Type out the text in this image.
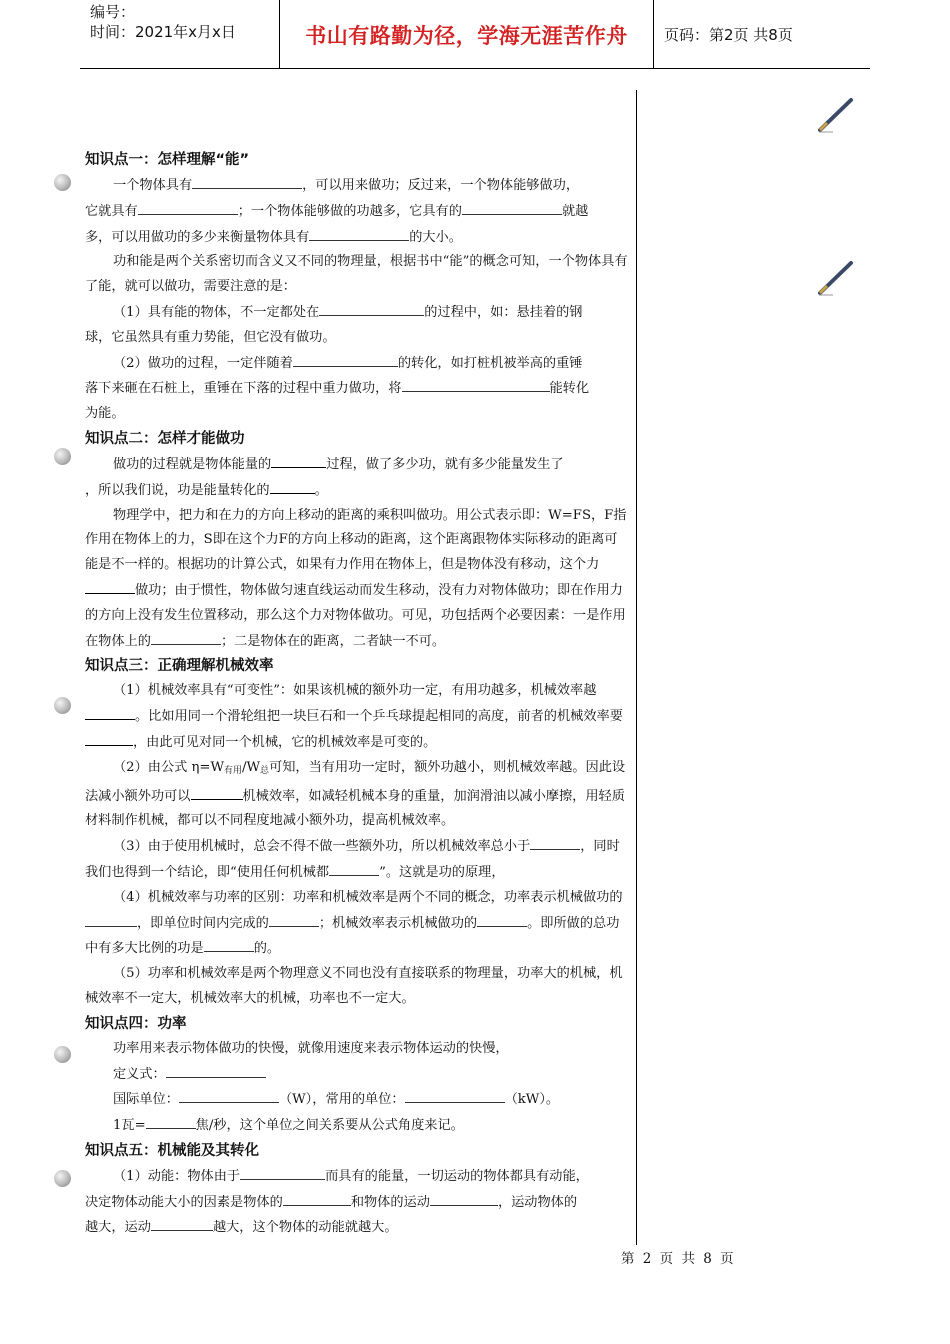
编号：
时间：2021年x月x日	书山有路勤为径，学海无涯苦作舟	页码：第2页 共8页

知识点一：怎样理解“能”

一个物体具有	，可以用来做功；反过来，一个物体能够做功，

它就具有	；一个物体能够做的功越多，它具有的	就越

多，可以用做功的多少来衡量物体具有	的大小。

功和能是两个关系密切而含义又不同的物理量，根据书中“能”的概念可知，一个物体具有了能，就可以做功，需要注意的是：

（1）具有能的物体，不一定都处在	的过程中，如：悬挂着的钢

球，它虽然具有重力势能，但它没有做功。

（2）做功的过程，一定伴随着	的转化，如打桩机被举高的重锤

落下来砸在石桩上，重锤在下落的过程中重力做功，将	能转化

为能。

知识点二：怎样才能做功

做功的过程就是物体能量的	过程，做了多少功，就有多少能量发生了

，所以我们说，功是能量转化的	。

物理学中，把力和在力的方向上移动的距离的乘积叫做功。用公式表示即：W=FS，F指作用在物体上的力，S即在这个力F的方向上移动的距离，这个距离跟物体实际移动的距离可能是不一样的。根据功的计算公式，如果有力作用在物体上，但是物体没有移动，这个力做功；由于惯性，物体做匀速直线运动而发生移动，没有力对物体做功；即在作用力的方向上没有发生位置移动，那么这个力对物体做功。可见，功包括两个必要因素：一是作用在物体上的	；二是物体在的距离，二者缺一不可。

知识点三：正确理解机械效率

（1）机械效率具有“可变性”：如果该机械的额外功一定，有用功越多，机械效率越。比如用同一个滑轮组把一块巨石和一个乒乓球提起相同的高度，前者的机械效率要，由此可见对同一个机械，它的机械效率是可变的。

（2）由公式 $\eta=W_{有用}/W_总$可知，当有用功一定时，额外功越小，则机械效率越。因此设法减小额外功可以	机械效率，如减轻机械本身的重量，加润滑油以减小摩擦，用轻质材料制作机械，都可以不同程度地减小额外功，提高机械效率。

（3）由于使用机械时，总会不得不做一些额外功，所以机械效率总小于	，同时我们也得到一个结论，即“使用任何机械都	”。这就是功的原理，

（4）机械效率与功率的区别：功率和机械效率是两个不同的概念，功率表示机械做功的，即单位时间内完成的	；机械效率表示机械做功的	。即所做的总功中有多大比例的功是	的。

（5）功率和机械效率是两个物理意义不同也没有直接联系的物理量，功率大的机械，机械效率不一定大，机械效率大的机械，功率也不一定大。

知识点四：功率

功率用来表示物体做功的快慢，就像用速度来表示物体运动的快慢，

定义式：

国际单位：	（W），常用的单位：	（kW）。

1瓦=	焦/秒，这个单位之间关系要从公式角度来记。

知识点五：机械能及其转化

（1）动能：物体由于	而具有的能量，一切运动的物体都具有动能，

决定物体动能大小的因素是物体的	和物体的运动	，运动物体的

越大，运动	越大，这个物体的动能就越大。

第 2 页 共 8 页
